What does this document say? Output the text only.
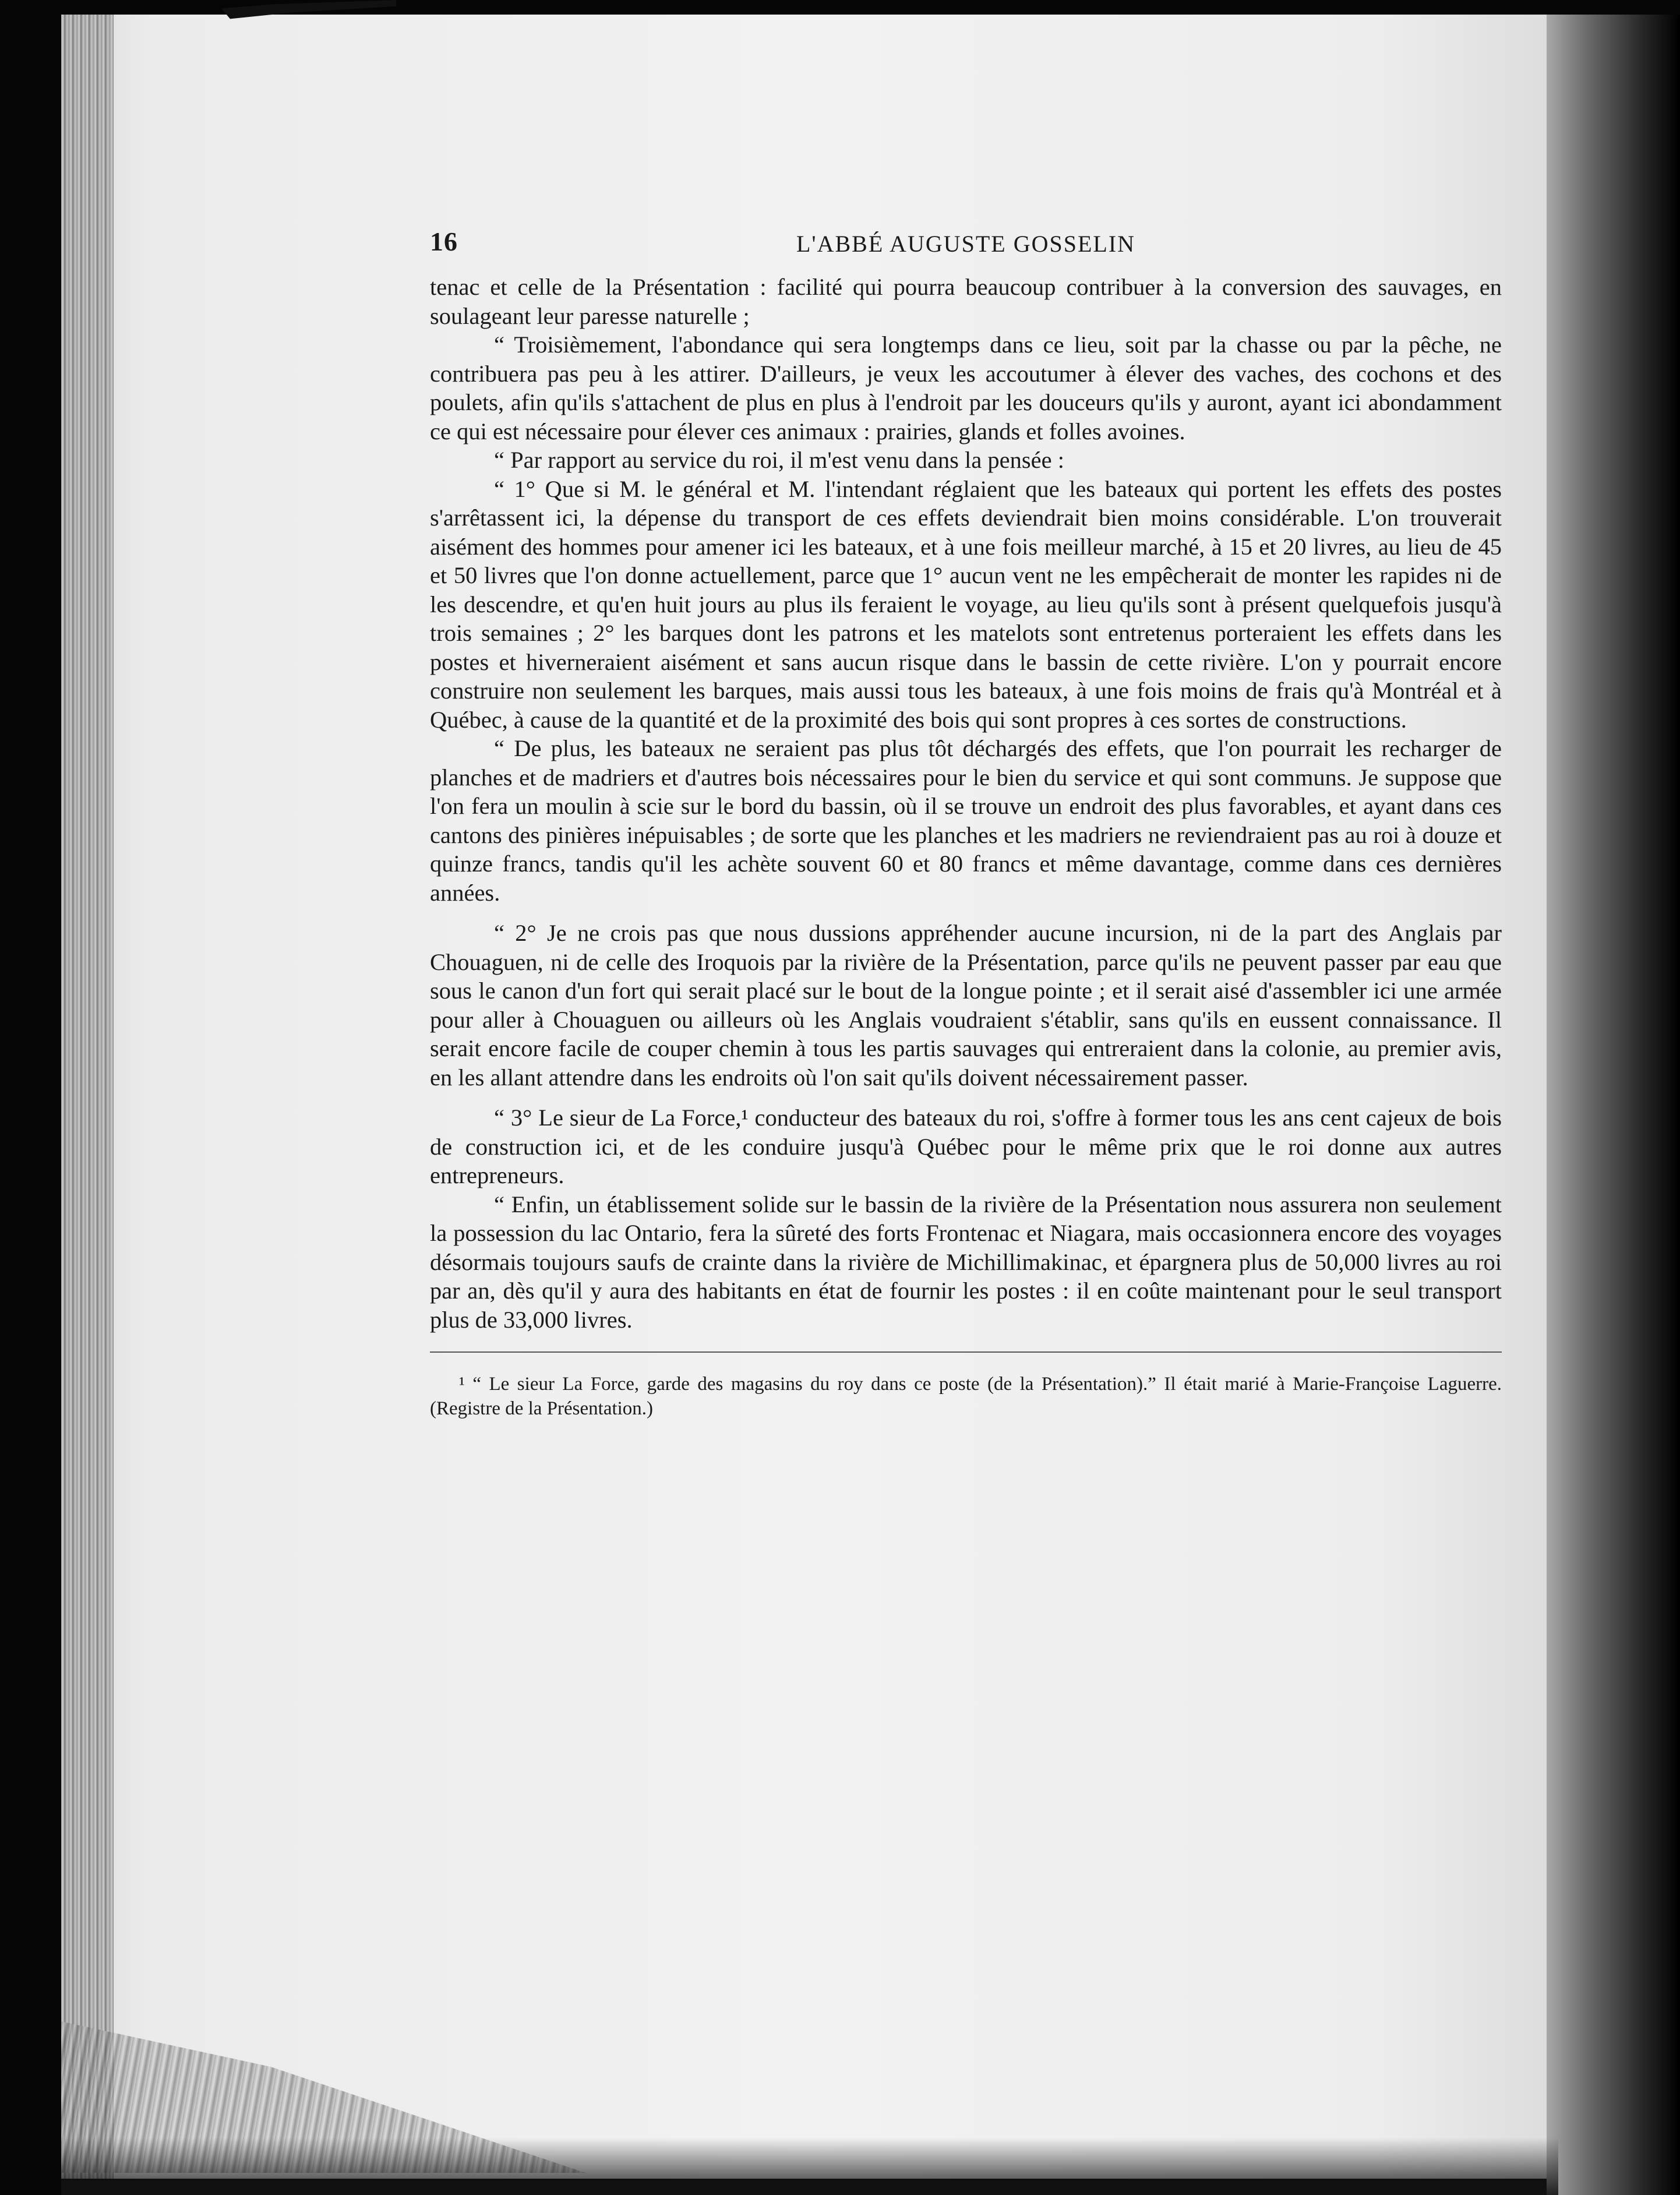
16	L'ABBÉ AUGUSTE GOSSELIN

tenac et celle de la Présentation : facilité qui pourra beaucoup contribuer à la conversion des sauvages, en soulageant leur paresse naturelle ;

“ Troisièmement, l'abondance qui sera longtemps dans ce lieu, soit par la chasse ou par la pêche, ne contribuera pas peu à les attirer. D'ailleurs, je veux les accoutumer à élever des vaches, des cochons et des poulets, afin qu'ils s'attachent de plus en plus à l'endroit par les douceurs qu'ils y auront, ayant ici abondamment ce qui est nécessaire pour élever ces animaux : prairies, glands et folles avoines.

“ Par rapport au service du roi, il m'est venu dans la pensée :

“ 1° Que si M. le général et M. l'intendant réglaient que les bateaux qui portent les effets des postes s'arrêtassent ici, la dépense du transport de ces effets deviendrait bien moins considérable. L'on trouverait aisément des hommes pour amener ici les bateaux, et à une fois meilleur marché, à 15 et 20 livres, au lieu de 45 et 50 livres que l'on donne actuellement, parce que 1° aucun vent ne les empêcherait de monter les rapides ni de les descendre, et qu'en huit jours au plus ils feraient le voyage, au lieu qu'ils sont à présent quelquefois jusqu'à trois semaines ; 2° les barques dont les patrons et les matelots sont entretenus porteraient les effets dans les postes et hiverneraient aisément et sans aucun risque dans le bassin de cette rivière. L'on y pourrait encore construire non seulement les barques, mais aussi tous les bateaux, à une fois moins de frais qu'à Montréal et à Québec, à cause de la quantité et de la proximité des bois qui sont propres à ces sortes de constructions.

“ De plus, les bateaux ne seraient pas plus tôt déchargés des effets, que l'on pourrait les recharger de planches et de madriers et d'autres bois nécessaires pour le bien du service et qui sont communs. Je suppose que l'on fera un moulin à scie sur le bord du bassin, où il se trouve un endroit des plus favorables, et ayant dans ces cantons des pinières inépuisables ; de sorte que les planches et les madriers ne reviendraient pas au roi à douze et quinze francs, tandis qu'il les achète souvent 60 et 80 francs et même davantage, comme dans ces dernières années.

“ 2° Je ne crois pas que nous dussions appréhender aucune incursion, ni de la part des Anglais par Chouaguen, ni de celle des Iroquois par la rivière de la Présentation, parce qu'ils ne peuvent passer par eau que sous le canon d'un fort qui serait placé sur le bout de la longue pointe ; et il serait aisé d'assembler ici une armée pour aller à Chouaguen ou ailleurs où les Anglais voudraient s'établir, sans qu'ils en eussent connaissance. Il serait encore facile de couper chemin à tous les partis sauvages qui entreraient dans la colonie, au premier avis, en les allant attendre dans les endroits où l'on sait qu'ils doivent nécessairement passer.

“ 3° Le sieur de La Force,¹ conducteur des bateaux du roi, s'offre à former tous les ans cent cajeux de bois de construction ici, et de les conduire jusqu'à Québec pour le même prix que le roi donne aux autres entrepreneurs.

“ Enfin, un établissement solide sur le bassin de la rivière de la Présentation nous assurera non seulement la possession du lac Ontario, fera la sûreté des forts Frontenac et Niagara, mais occasionnera encore des voyages désormais toujours saufs de crainte dans la rivière de Michillimakinac, et épargnera plus de 50,000 livres au roi par an, dès qu'il y aura des habitants en état de fournir les postes : il en coûte maintenant pour le seul transport plus de 33,000 livres.

¹ “ Le sieur La Force, garde des magasins du roy dans ce poste (de la Présentation).” Il était marié à Marie-Françoise Laguerre. (Registre de la Présentation.)
